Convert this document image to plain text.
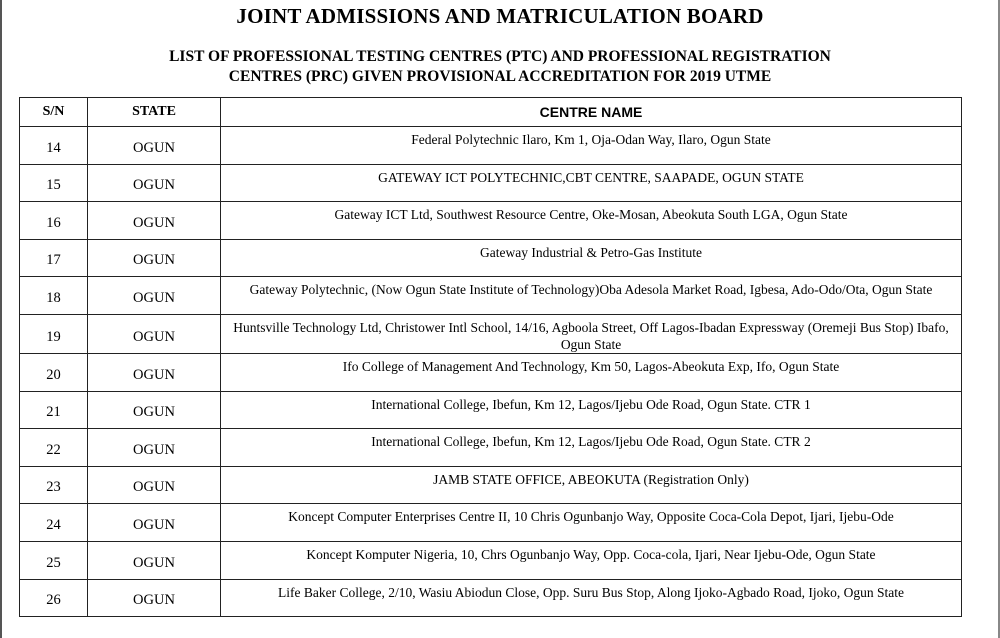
JOINT ADMISSIONS AND MATRICULATION BOARD
LIST OF PROFESSIONAL TESTING CENTRES (PTC) AND PROFESSIONAL REGISTRATION
CENTRES (PRC) GIVEN PROVISIONAL ACCREDITATION FOR 2019 UTME
S/N	STATE	CENTRE NAME
14	OGUN	Federal Polytechnic Ilaro, Km 1, Oja-Odan Way, Ilaro, Ogun State
15	OGUN	GATEWAY ICT POLYTECHNIC,CBT CENTRE, SAAPADE, OGUN STATE
16	OGUN	Gateway ICT Ltd, Southwest Resource Centre, Oke-Mosan, Abeokuta South LGA, Ogun State
17	OGUN	Gateway Industrial & Petro-Gas Institute
18	OGUN	Gateway Polytechnic, (Now Ogun State Institute of Technology)Oba Adesola Market Road, Igbesa, Ado-Odo/Ota, Ogun State
19	OGUN	Huntsville Technology Ltd, Christower Intl School, 14/16, Agboola Street, Off Lagos-Ibadan Expressway (Oremeji Bus Stop) Ibafo, Ogun State
20	OGUN	Ifo College of Management And Technology, Km 50, Lagos-Abeokuta Exp, Ifo, Ogun State
21	OGUN	International College, Ibefun, Km 12, Lagos/Ijebu Ode Road, Ogun State. CTR 1
22	OGUN	International College, Ibefun, Km 12, Lagos/Ijebu Ode Road, Ogun State. CTR 2
23	OGUN	JAMB STATE OFFICE, ABEOKUTA (Registration Only)
24	OGUN	Koncept Computer Enterprises Centre II, 10 Chris Ogunbanjo Way, Opposite Coca-Cola Depot, Ijari, Ijebu-Ode
25	OGUN	Koncept Komputer Nigeria, 10, Chrs Ogunbanjo Way, Opp. Coca-cola, Ijari, Near Ijebu-Ode, Ogun State
26	OGUN	Life Baker College, 2/10, Wasiu Abiodun Close, Opp. Suru Bus Stop, Along Ijoko-Agbado Road, Ijoko, Ogun State
